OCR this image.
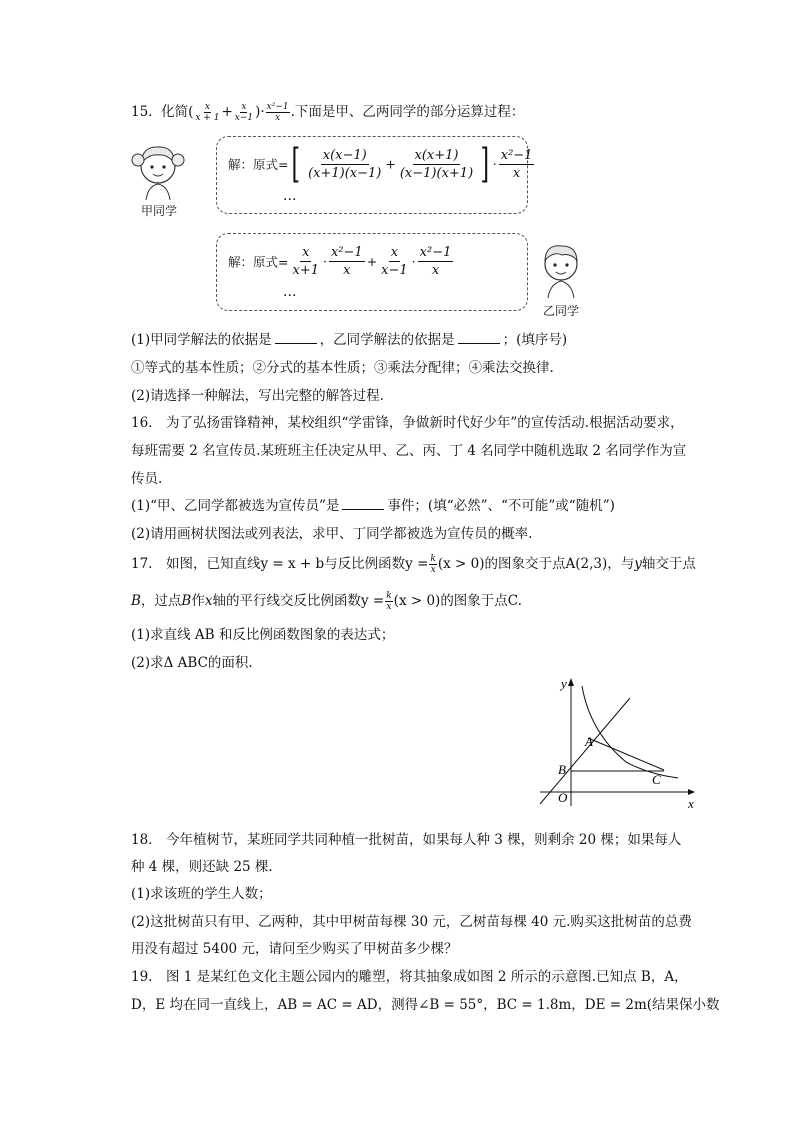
15. 化简( $\frac{x}{x + 1} + \frac{x}{x-1}$ )· $\frac{\text{x²−1}}{x}$ .下面是甲、乙两同学的部分运算过程：
甲同学
解：原式=[ $\frac{x(x-1)}{(x+1)(x-1)} + \frac{x(x+1)}{(x-1)(x+1)}$ ] · $\frac{\text{x²−1}}{x}$
…
解：原式= $\frac{x}{x+1} \cdot \frac{\text{x²−1}}{x} + \frac{x}{x-1} \cdot \frac{\text{x²−1}}{x}$
…
乙同学
(1)甲同学解法的依据是	，乙同学解法的依据是	；(填序号)
①等式的基本性质；②分式的基本性质；③乘法分配律；④乘法交换律.
(2)请选择一种解法，写出完整的解答过程.
16.　为了弘扬雷锋精神，某校组织“学雷锋，争做新时代好少年”的宣传活动.根据活动要求，
每班需要 2 名宣传员.某班班主任决定从甲、乙、丙、丁 4 名同学中随机选取 2 名同学作为宣
传员.
(1)“甲、乙同学都被选为宣传员”是	事件；(填“必然”、“不可能”或“随机”)
(2)请用画树状图法或列表法，求甲、丁同学都被选为宣传员的概率.
17.　如图，已知直线y = x + b与反比例函数$y = \frac{k}{x} (x > 0)$的图象交于点A(2,3)，与y轴交于点
B，过点B作x轴的平行线交反比例函数$y = \frac{k}{x} (x > 0)$的图象于点C.
(1)求直线 AB 和反比例函数图象的表达式；
(2)求Δ ABC的面积.
y
x
A
B
C
O
18.　今年植树节，某班同学共同种植一批树苗，如果每人种 3 棵，则剩余 20 棵；如果每人
种 4 棵，则还缺 25 棵.
(1)求该班的学生人数；
(2)这批树苗只有甲、乙两种，其中甲树苗每棵 30 元，乙树苗每棵 40 元.购买这批树苗的总费
用没有超过 5400 元，请问至少购买了甲树苗多少棵？
19.　图 1 是某红色文化主题公园内的雕塑，将其抽象成如图 2 所示的示意图.已知点 B，A，
D，E 均在同一直线上，AB = AC = AD，测得∠B = 55°，BC = 1.8m，DE = 2m(结果保小数
